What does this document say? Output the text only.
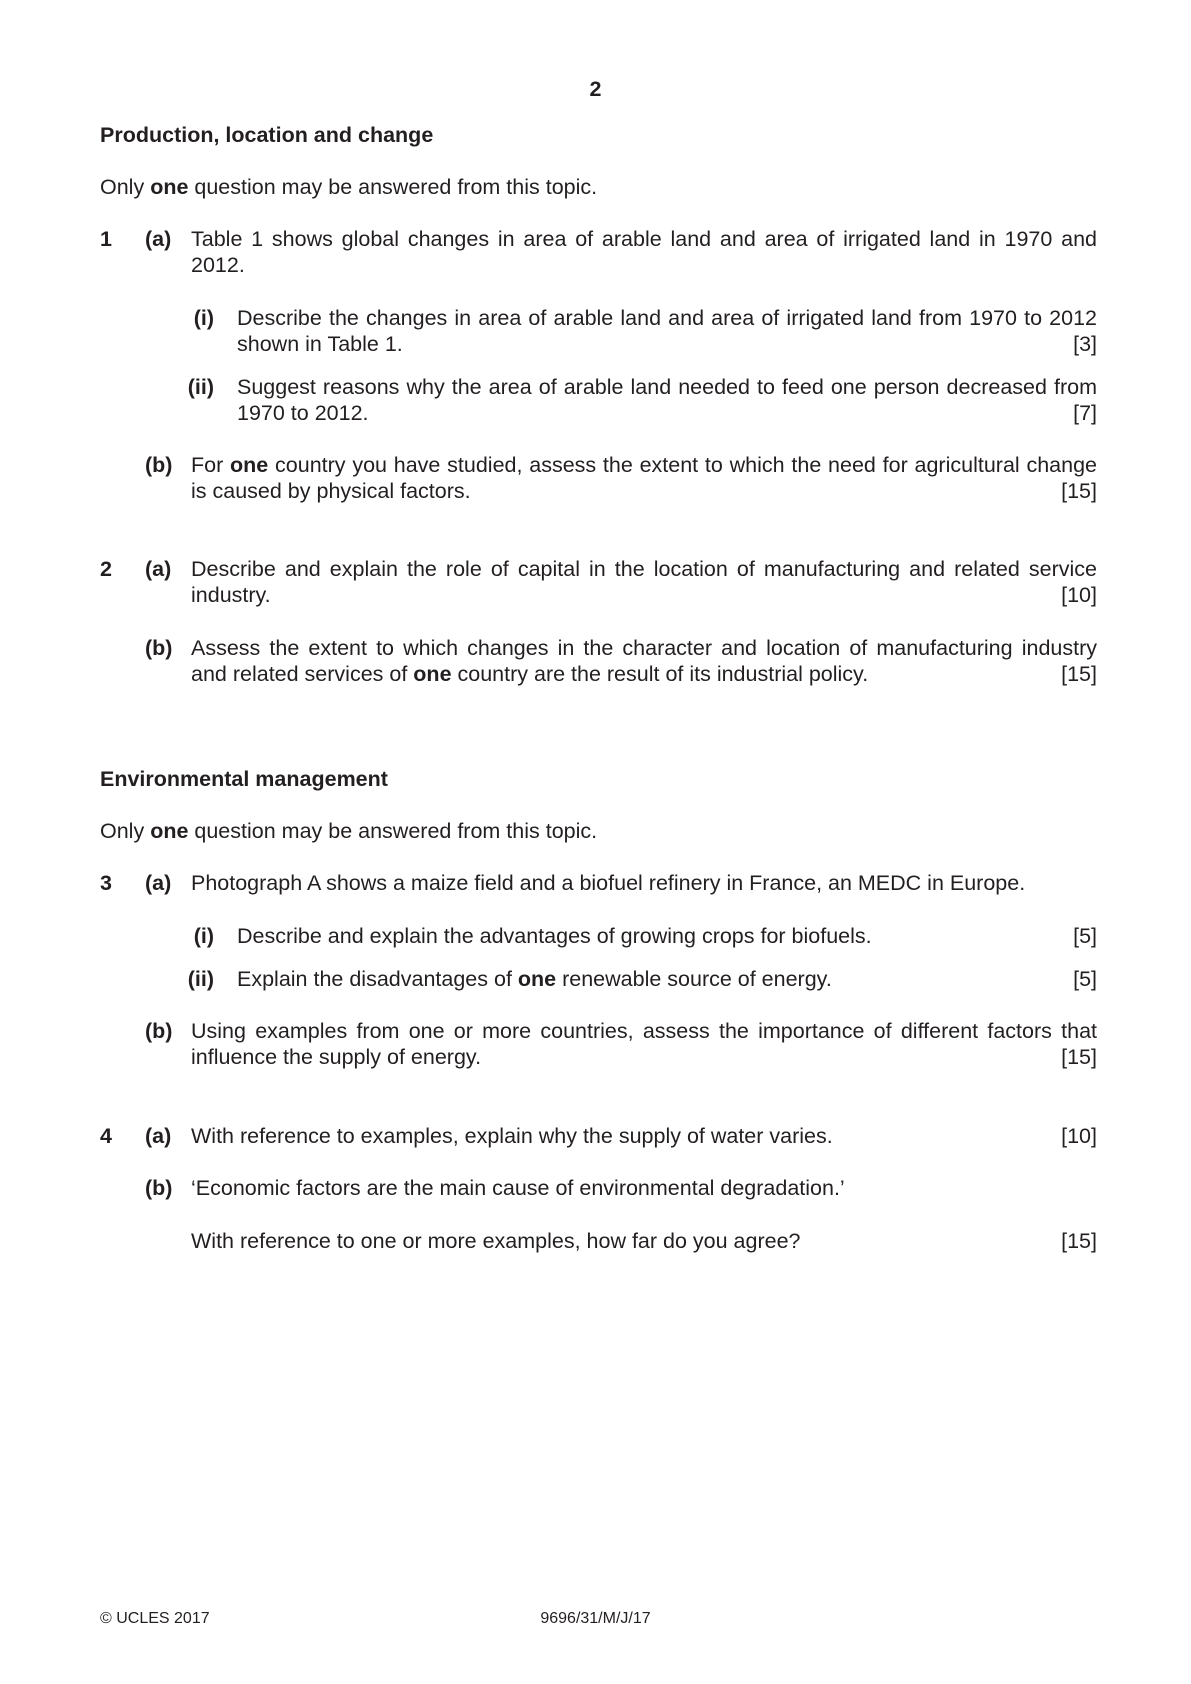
2
Production, location and change
Only one question may be answered from this topic.
1 (a) Table 1 shows global changes in area of arable land and area of irrigated land in 1970 and 2012.
(i) Describe the changes in area of arable land and area of irrigated land from 1970 to 2012 shown in Table 1.	[3]
(ii) Suggest reasons why the area of arable land needed to feed one person decreased from 1970 to 2012.	[7]
(b) For one country you have studied, assess the extent to which the need for agricultural change is caused by physical factors.	[15]
2 (a) Describe and explain the role of capital in the location of manufacturing and related service industry.	[10]
(b) Assess the extent to which changes in the character and location of manufacturing industry and related services of one country are the result of its industrial policy.	[15]
Environmental management
Only one question may be answered from this topic.
3 (a) Photograph A shows a maize field and a biofuel refinery in France, an MEDC in Europe.
(i) Describe and explain the advantages of growing crops for biofuels.	[5]
(ii) Explain the disadvantages of one renewable source of energy.	[5]
(b) Using examples from one or more countries, assess the importance of different factors that influence the supply of energy.	[15]
4 (a) With reference to examples, explain why the supply of water varies.	[10]
(b) ‘Economic factors are the main cause of environmental degradation.’
With reference to one or more examples, how far do you agree?	[15]
© UCLES 2017	9696/31/M/J/17
